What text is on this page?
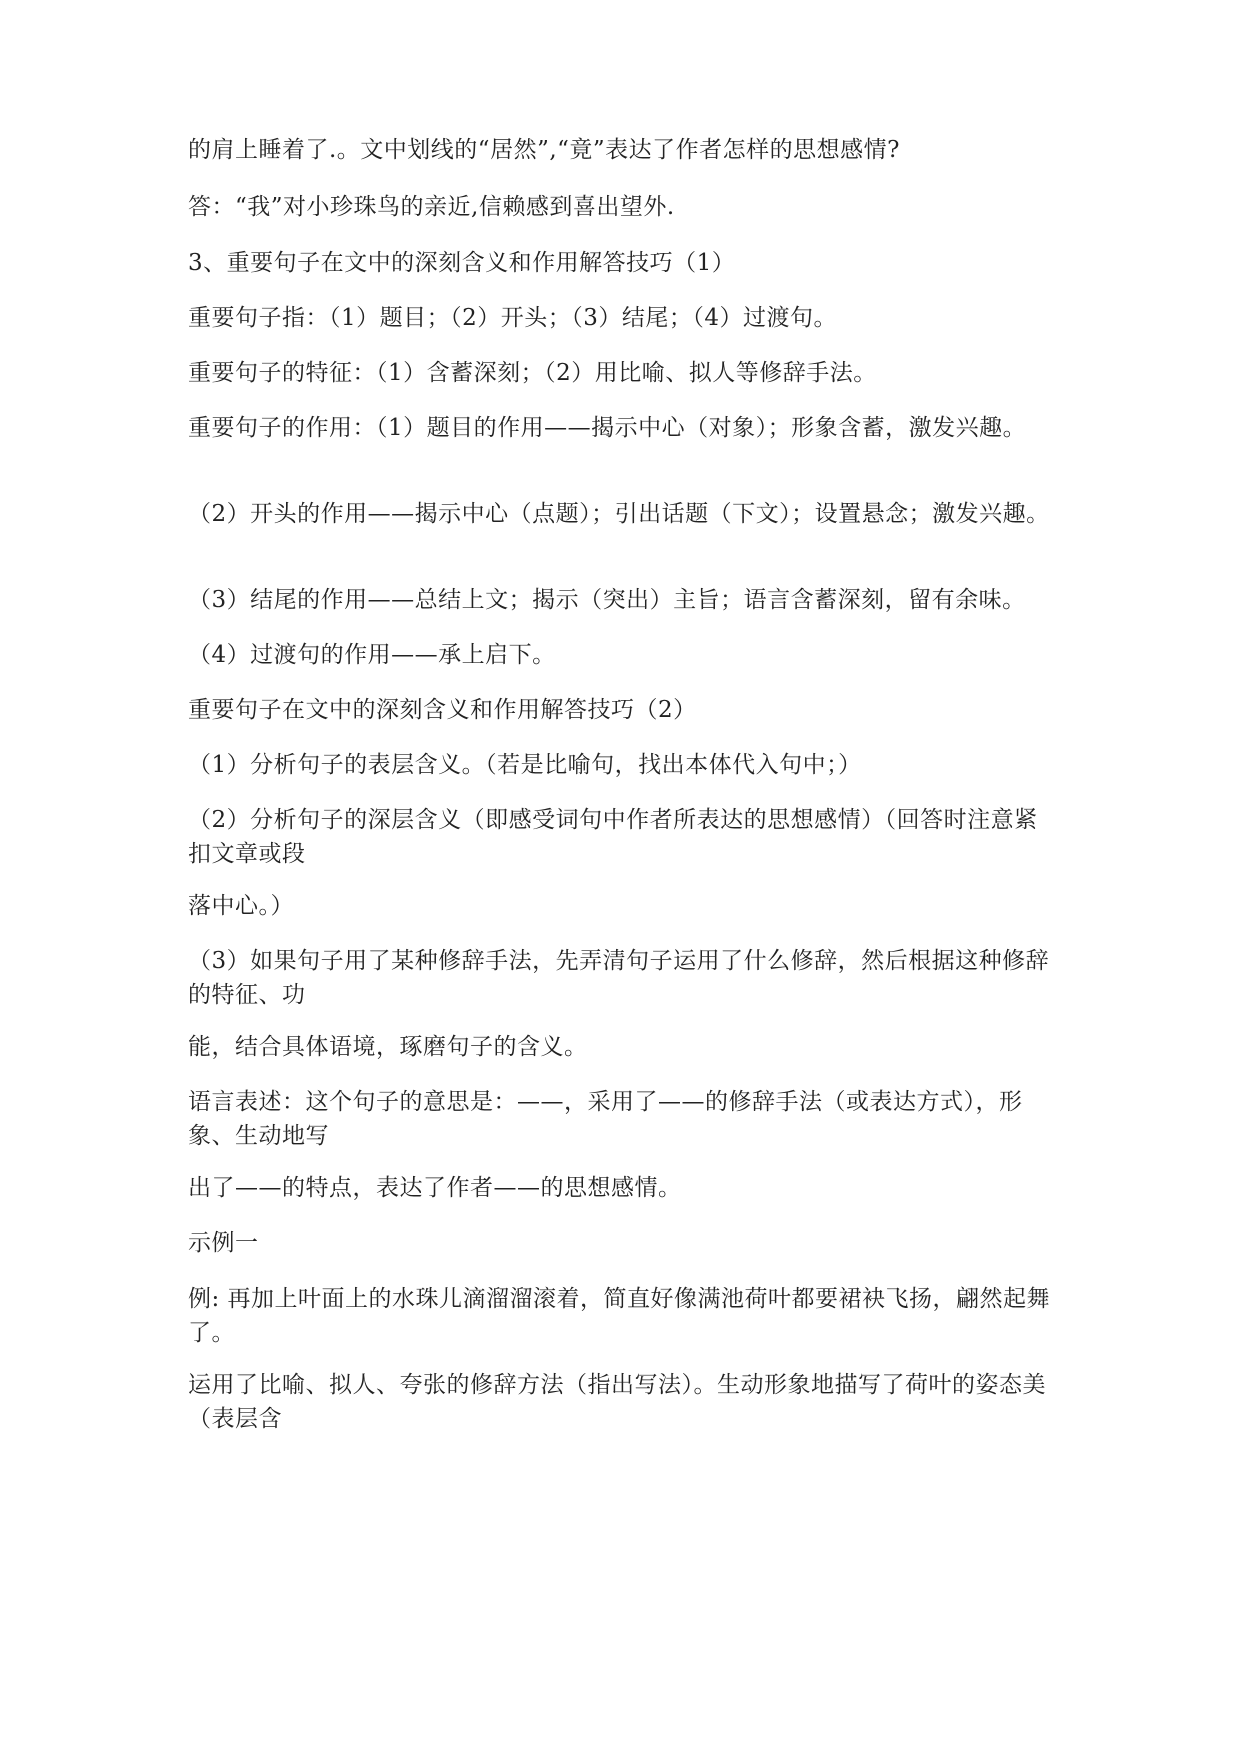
的肩上睡着了.。文中划线的“居然”,“竟”表达了作者怎样的思想感情?
答：“我”对小珍珠鸟的亲近,信赖感到喜出望外.
3、重要句子在文中的深刻含义和作用解答技巧（1）
重要句子指：（1）题目；（2）开头；（3）结尾；（4）过渡句。
重要句子的特征：（1）含蓄深刻；（2）用比喻、拟人等修辞手法。
重要句子的作用：（1）题目的作用——揭示中心（对象）；形象含蓄，激发兴趣。
（2）开头的作用——揭示中心（点题）；引出话题（下文）；设置悬念；激发兴趣。
（3）结尾的作用——总结上文；揭示（突出）主旨；语言含蓄深刻，留有余味。
（4）过渡句的作用——承上启下。
重要句子在文中的深刻含义和作用解答技巧（2）
（1）分析句子的表层含义。（若是比喻句，找出本体代入句中；）
（2）分析句子的深层含义（即感受词句中作者所表达的思想感情）（回答时注意紧扣文章或段
落中心。）
（3）如果句子用了某种修辞手法，先弄清句子运用了什么修辞，然后根据这种修辞的特征、功
能，结合具体语境，琢磨句子的含义。
语言表述：这个句子的意思是：——，采用了——的修辞手法（或表达方式），形象、生动地写
出了——的特点，表达了作者——的思想感情。
示例一
例: 再加上叶面上的水珠儿滴溜溜滚着，简直好像满池荷叶都要裙袂飞扬，翩然起舞了。
运用了比喻、拟人、夸张的修辞方法（指出写法）。生动形象地描写了荷叶的姿态美（表层含
